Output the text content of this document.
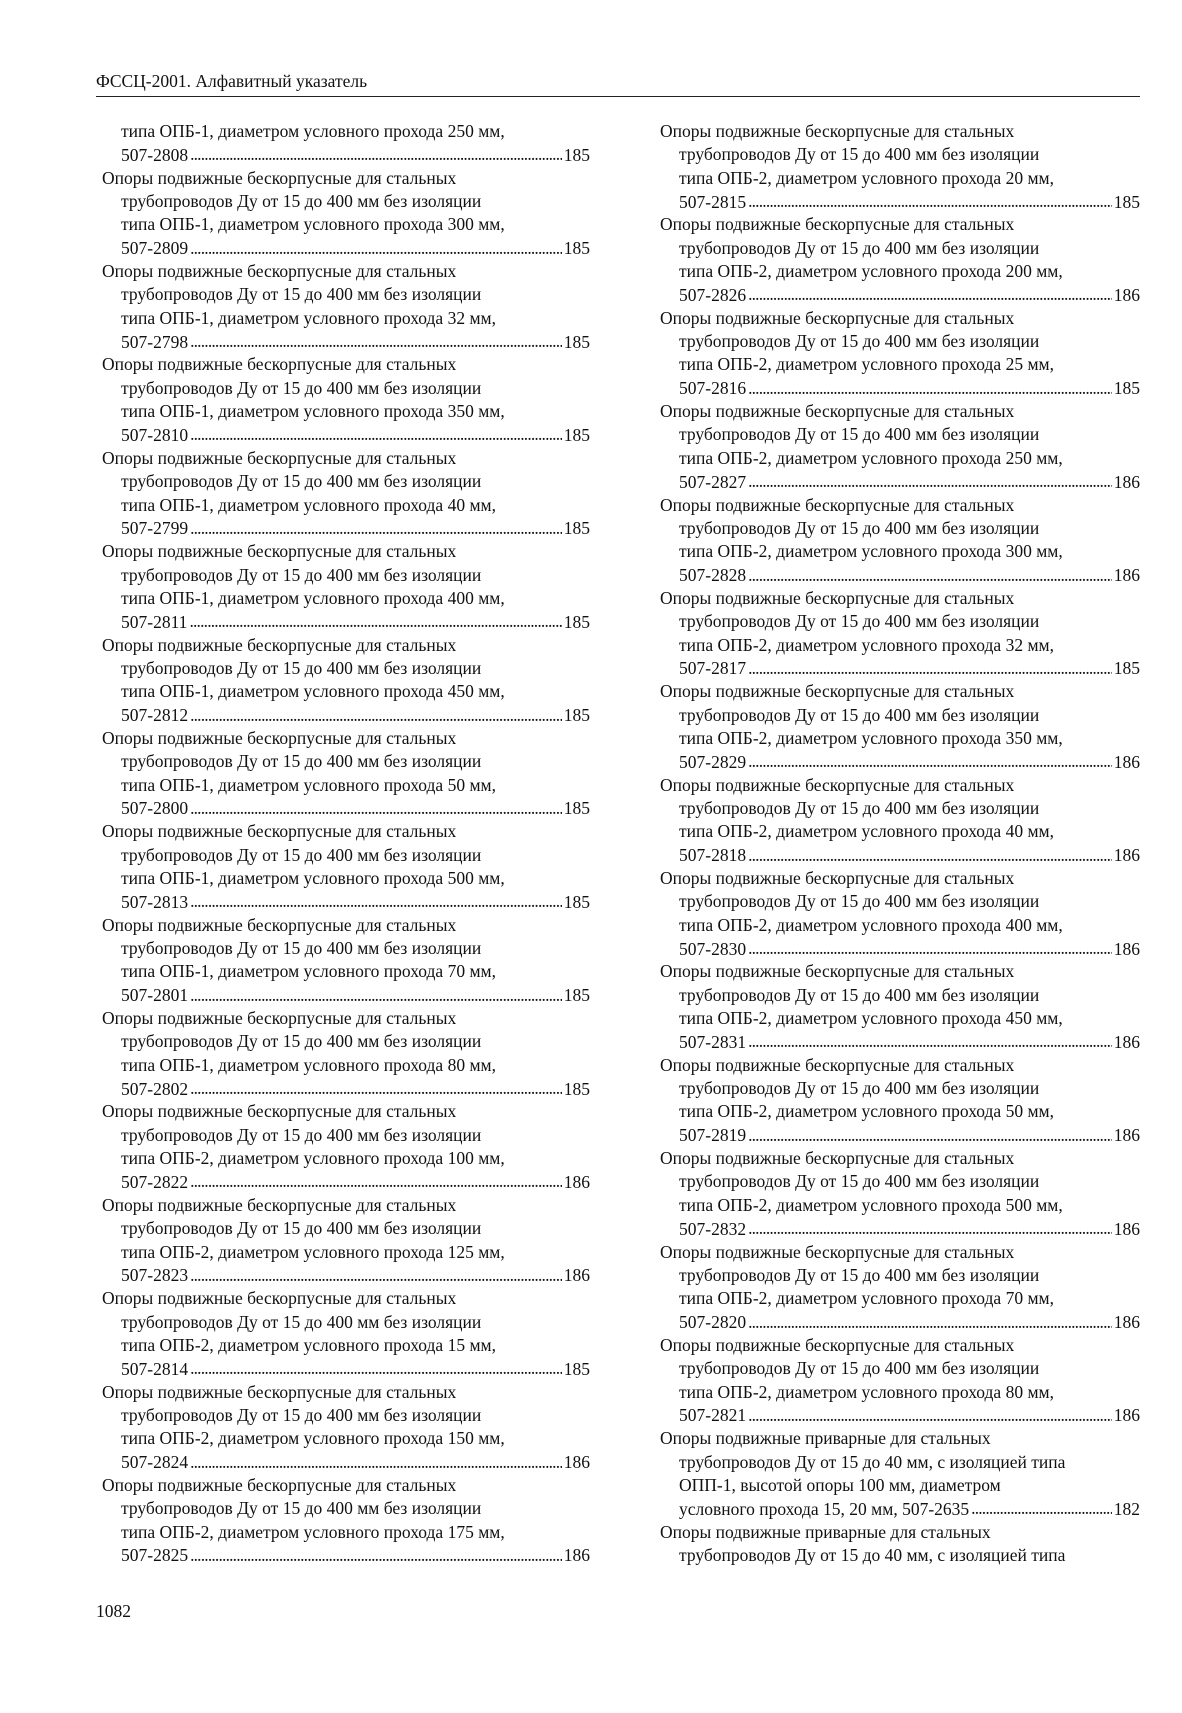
ФССЦ-2001. Алфавитный указатель
типа ОПБ-1, диаметром условного прохода 250 мм,
507-2808 . . .	185
Опоры подвижные бескорпусные для стальных
трубопроводов Ду от 15 до 400 мм без изоляции
типа ОПБ-1, диаметром условного прохода 300 мм,
507-2809 . . .	185
Опоры подвижные бескорпусные для стальных
трубопроводов Ду от 15 до 400 мм без изоляции
типа ОПБ-1, диаметром условного прохода 32 мм,
507-2798 . . .	185
Опоры подвижные бескорпусные для стальных
трубопроводов Ду от 15 до 400 мм без изоляции
типа ОПБ-1, диаметром условного прохода 350 мм,
507-2810 . . .	185
Опоры подвижные бескорпусные для стальных
трубопроводов Ду от 15 до 400 мм без изоляции
типа ОПБ-1, диаметром условного прохода 40 мм,
507-2799 . . .	185
Опоры подвижные бескорпусные для стальных
трубопроводов Ду от 15 до 400 мм без изоляции
типа ОПБ-1, диаметром условного прохода 400 мм,
507-2811 . . .	185
Опоры подвижные бескорпусные для стальных
трубопроводов Ду от 15 до 400 мм без изоляции
типа ОПБ-1, диаметром условного прохода 450 мм,
507-2812 . . .	185
Опоры подвижные бескорпусные для стальных
трубопроводов Ду от 15 до 400 мм без изоляции
типа ОПБ-1, диаметром условного прохода 50 мм,
507-2800 . . .	185
Опоры подвижные бескорпусные для стальных
трубопроводов Ду от 15 до 400 мм без изоляции
типа ОПБ-1, диаметром условного прохода 500 мм,
507-2813 . . .	185
Опоры подвижные бескорпусные для стальных
трубопроводов Ду от 15 до 400 мм без изоляции
типа ОПБ-1, диаметром условного прохода 70 мм,
507-2801 . . .	185
Опоры подвижные бескорпусные для стальных
трубопроводов Ду от 15 до 400 мм без изоляции
типа ОПБ-1, диаметром условного прохода 80 мм,
507-2802 . . .	185
Опоры подвижные бескорпусные для стальных
трубопроводов Ду от 15 до 400 мм без изоляции
типа ОПБ-2, диаметром условного прохода 100 мм,
507-2822 . . .	186
Опоры подвижные бескорпусные для стальных
трубопроводов Ду от 15 до 400 мм без изоляции
типа ОПБ-2, диаметром условного прохода 125 мм,
507-2823 . . .	186
Опоры подвижные бескорпусные для стальных
трубопроводов Ду от 15 до 400 мм без изоляции
типа ОПБ-2, диаметром условного прохода 15 мм,
507-2814 . . .	185
Опоры подвижные бескорпусные для стальных
трубопроводов Ду от 15 до 400 мм без изоляции
типа ОПБ-2, диаметром условного прохода 150 мм,
507-2824 . . .	186
Опоры подвижные бескорпусные для стальных
трубопроводов Ду от 15 до 400 мм без изоляции
типа ОПБ-2, диаметром условного прохода 175 мм,
507-2825 . . .	186
Опоры подвижные бескорпусные для стальных
трубопроводов Ду от 15 до 400 мм без изоляции
типа ОПБ-2, диаметром условного прохода 20 мм,
507-2815 . . .	185
Опоры подвижные бескорпусные для стальных
трубопроводов Ду от 15 до 400 мм без изоляции
типа ОПБ-2, диаметром условного прохода 200 мм,
507-2826 . . .	186
Опоры подвижные бескорпусные для стальных
трубопроводов Ду от 15 до 400 мм без изоляции
типа ОПБ-2, диаметром условного прохода 25 мм,
507-2816 . . .	185
Опоры подвижные бескорпусные для стальных
трубопроводов Ду от 15 до 400 мм без изоляции
типа ОПБ-2, диаметром условного прохода 250 мм,
507-2827 . . .	186
Опоры подвижные бескорпусные для стальных
трубопроводов Ду от 15 до 400 мм без изоляции
типа ОПБ-2, диаметром условного прохода 300 мм,
507-2828 . . .	186
Опоры подвижные бескорпусные для стальных
трубопроводов Ду от 15 до 400 мм без изоляции
типа ОПБ-2, диаметром условного прохода 32 мм,
507-2817 . . .	185
Опоры подвижные бескорпусные для стальных
трубопроводов Ду от 15 до 400 мм без изоляции
типа ОПБ-2, диаметром условного прохода 350 мм,
507-2829 . . .	186
Опоры подвижные бескорпусные для стальных
трубопроводов Ду от 15 до 400 мм без изоляции
типа ОПБ-2, диаметром условного прохода 40 мм,
507-2818 . . .	186
Опоры подвижные бескорпусные для стальных
трубопроводов Ду от 15 до 400 мм без изоляции
типа ОПБ-2, диаметром условного прохода 400 мм,
507-2830 . . .	186
Опоры подвижные бескорпусные для стальных
трубопроводов Ду от 15 до 400 мм без изоляции
типа ОПБ-2, диаметром условного прохода 450 мм,
507-2831 . . .	186
Опоры подвижные бескорпусные для стальных
трубопроводов Ду от 15 до 400 мм без изоляции
типа ОПБ-2, диаметром условного прохода 50 мм,
507-2819 . . .	186
Опоры подвижные бескорпусные для стальных
трубопроводов Ду от 15 до 400 мм без изоляции
типа ОПБ-2, диаметром условного прохода 500 мм,
507-2832 . . .	186
Опоры подвижные бескорпусные для стальных
трубопроводов Ду от 15 до 400 мм без изоляции
типа ОПБ-2, диаметром условного прохода 70 мм,
507-2820 . . .	186
Опоры подвижные бескорпусные для стальных
трубопроводов Ду от 15 до 400 мм без изоляции
типа ОПБ-2, диаметром условного прохода 80 мм,
507-2821 . . .	186
Опоры подвижные приварные для стальных
трубопроводов Ду от 15 до 40 мм, с изоляцией типа
ОПП-1, высотой опоры 100 мм, диаметром
условного прохода 15, 20 мм, 507-2635 . . .	182
Опоры подвижные приварные для стальных
трубопроводов Ду от 15 до 40 мм, с изоляцией типа
1082
